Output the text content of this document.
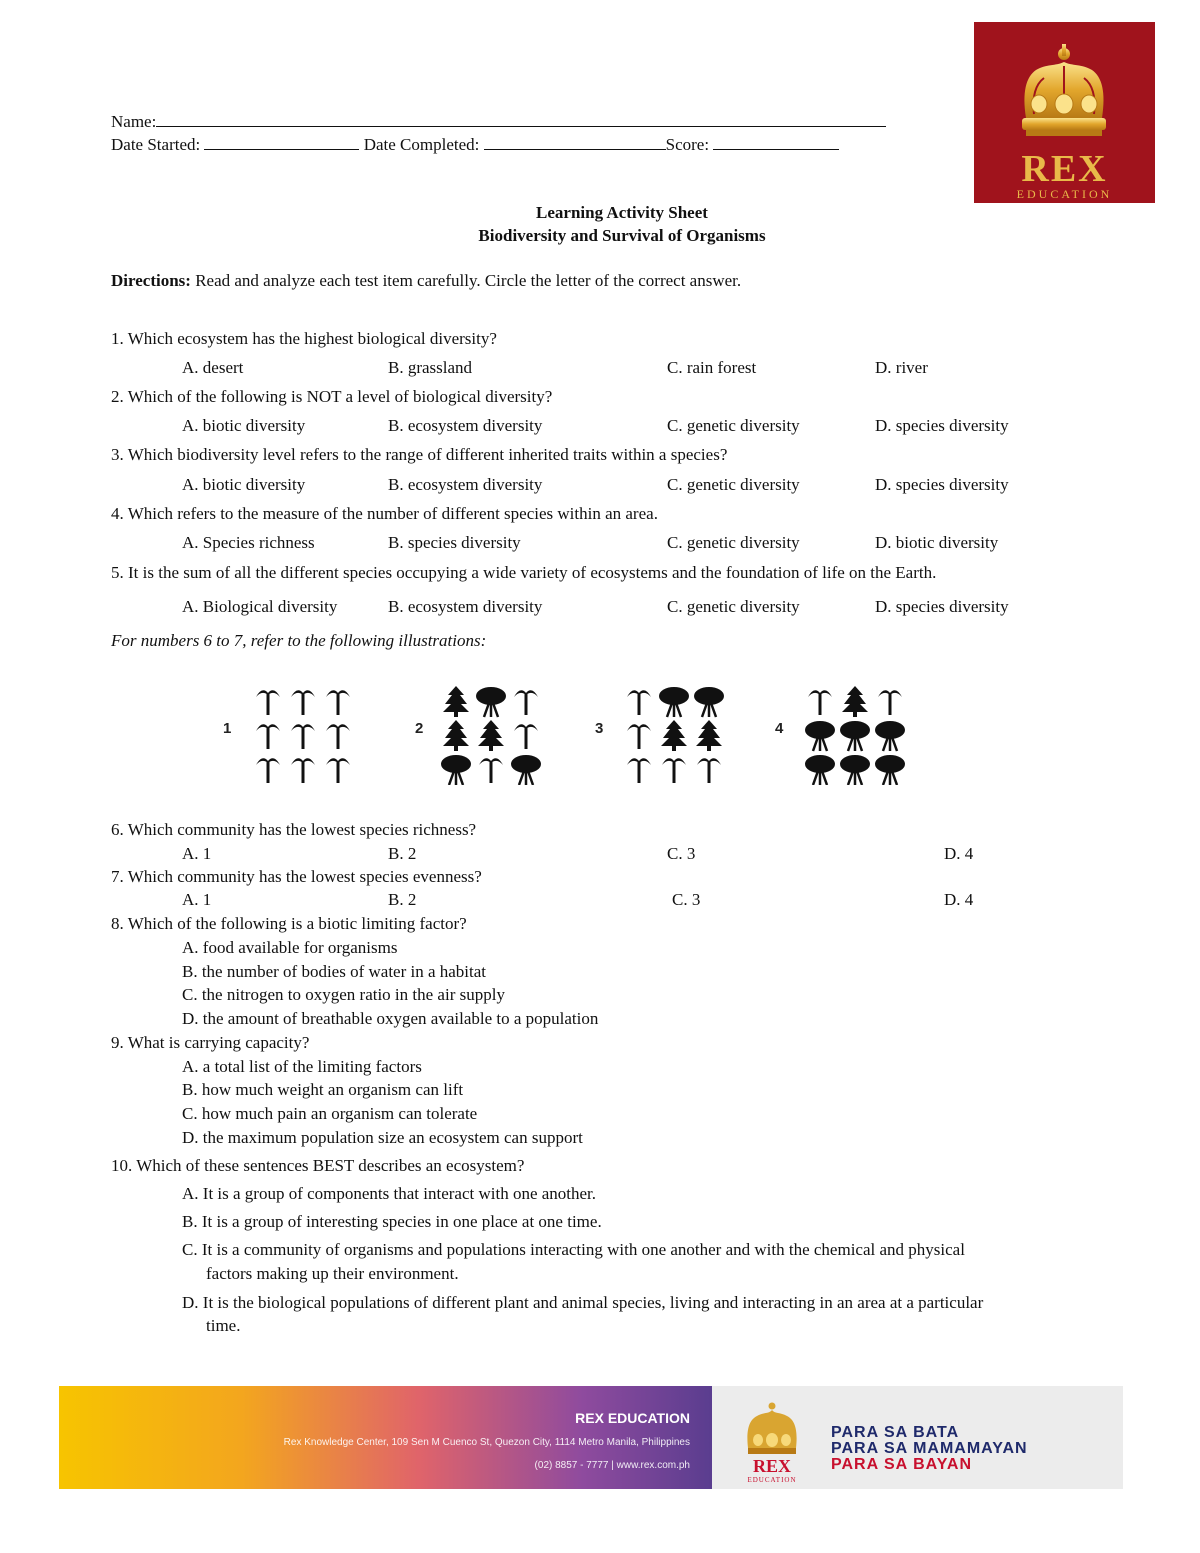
REX
EDUCATION
Name:
Date Started:	Date Completed:	Score:
Learning Activity Sheet
Biodiversity and Survival of Organisms
Directions: Read and analyze each test item carefully. Circle the letter of the correct answer.
1. Which ecosystem has the highest biological diversity?
A. desert	B. grassland	C. rain forest	D. river
2. Which of the following is NOT a level of biological diversity?
A. biotic diversity	B. ecosystem diversity	C. genetic diversity	D. species diversity
3. Which biodiversity level refers to the range of different inherited traits within a species?
A. biotic diversity	B. ecosystem diversity	C. genetic diversity	D. species diversity
4. Which refers to the measure of the number of different species within an area.
A. Species richness	B. species diversity	C. genetic diversity	D. biotic diversity
5. It is the sum of all the different species occupying a wide variety of ecosystems and the foundation of life on the Earth.
A. Biological diversity	B. ecosystem diversity	C. genetic diversity	D. species diversity
For numbers 6 to 7, refer to the following illustrations:
1	2	3	4
6. Which community has the lowest species richness?
A. 1	B. 2	C. 3	D. 4
7. Which community has the lowest species evenness?
A. 1	B. 2	C. 3	D. 4
8. Which of the following is a biotic limiting factor?
A. food available for organisms
B. the number of bodies of water in a habitat
C. the nitrogen to oxygen ratio in the air supply
D. the amount of breathable oxygen available to a population
9. What is carrying capacity?
A. a total list of the limiting factors
B. how much weight an organism can lift
C. how much pain an organism can tolerate
D. the maximum population size an ecosystem can support
10. Which of these sentences BEST describes an ecosystem?
A. It is a group of components that interact with one another.
B. It is a group of interesting species in one place at one time.
C. It is a community of organisms and populations interacting with one another and with the chemical and physical
factors making up their environment.
D. It is the biological populations of different plant and animal species, living and interacting in an area at a particular
time.
REX EDUCATION
Rex Knowledge Center, 109 Sen M Cuenco St, Quezon City, 1114 Metro Manila, Philippines
(02) 8857 - 7777 | www.rex.com.ph	REX
EDUCATION
PARA SA BATA
PARA SA MAMAMAYAN
PARA SA BAYAN
